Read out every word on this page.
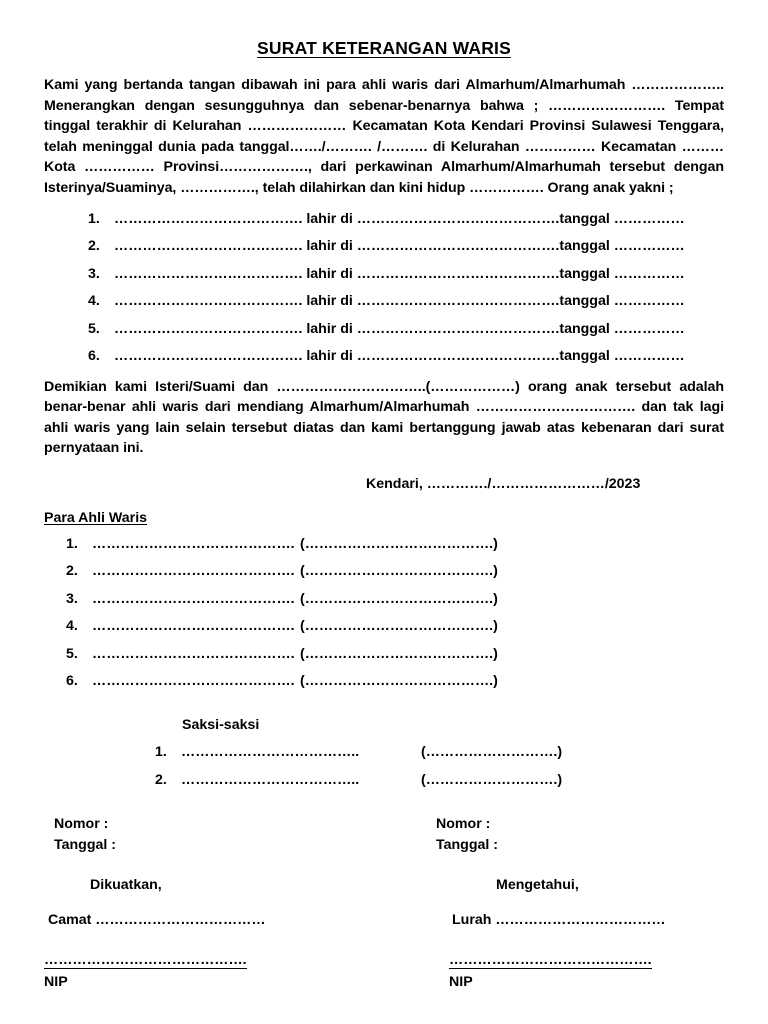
SURAT KETERANGAN WARIS

Kami yang bertanda tangan dibawah ini para ahli waris dari Almarhum/Almarhumah ……………….. Menerangkan dengan sesungguhnya dan sebenar-benarnya bahwa ; ……………………. Tempat tinggal terakhir di Kelurahan ………………… Kecamatan Kota Kendari Provinsi Sulawesi Tenggara, telah meninggal dunia pada tanggal……./………. /………. di Kelurahan …………… Kecamatan ……… Kota …………… Provinsi………………., dari perkawinan Almarhum/Almarhumah tersebut dengan Isterinya/Suaminya, ……………., telah dilahirkan dan kini hidup ……………. Orang anak yakni ;

1. …………………………………. lahir di …………………………………….tanggal ……………
2. …………………………………. lahir di …………………………………….tanggal ……………
3. …………………………………. lahir di …………………………………….tanggal ……………
4. …………………………………. lahir di …………………………………….tanggal ……………
5. …………………………………. lahir di …………………………………….tanggal ……………
6. …………………………………. lahir di …………………………………….tanggal ……………

Demikian kami Isteri/Suami dan …………………………..(………………) orang anak tersebut adalah benar-benar ahli waris dari mendiang Almarhum/Almarhumah ……………………………. dan tak lagi ahli waris yang lain selain tersebut diatas dan kami bertanggung jawab atas kebenaran dari surat pernyataan ini.

Kendari, …………./……………………/2023
Para Ahli Waris
1. ……………………………………. (………………………………….)
2. ……………………………………. (………………………………….)
3. ……………………………………. (………………………………….)
4. ……………………………………. (………………………………….)
5. ……………………………………. (………………………………….)
6. ……………………………………. (………………………………….)
Saksi-saksi
1. ………………………………..	(……………………….)
2. ………………………………..	(……………………….)
Nomor :
Tanggal :
Dikuatkan,
Camat ………………………………
Nomor :
Tanggal :
Mengetahui,
Lurah ………………………………
…………………………………….
NIP
…………………………………….
NIP
